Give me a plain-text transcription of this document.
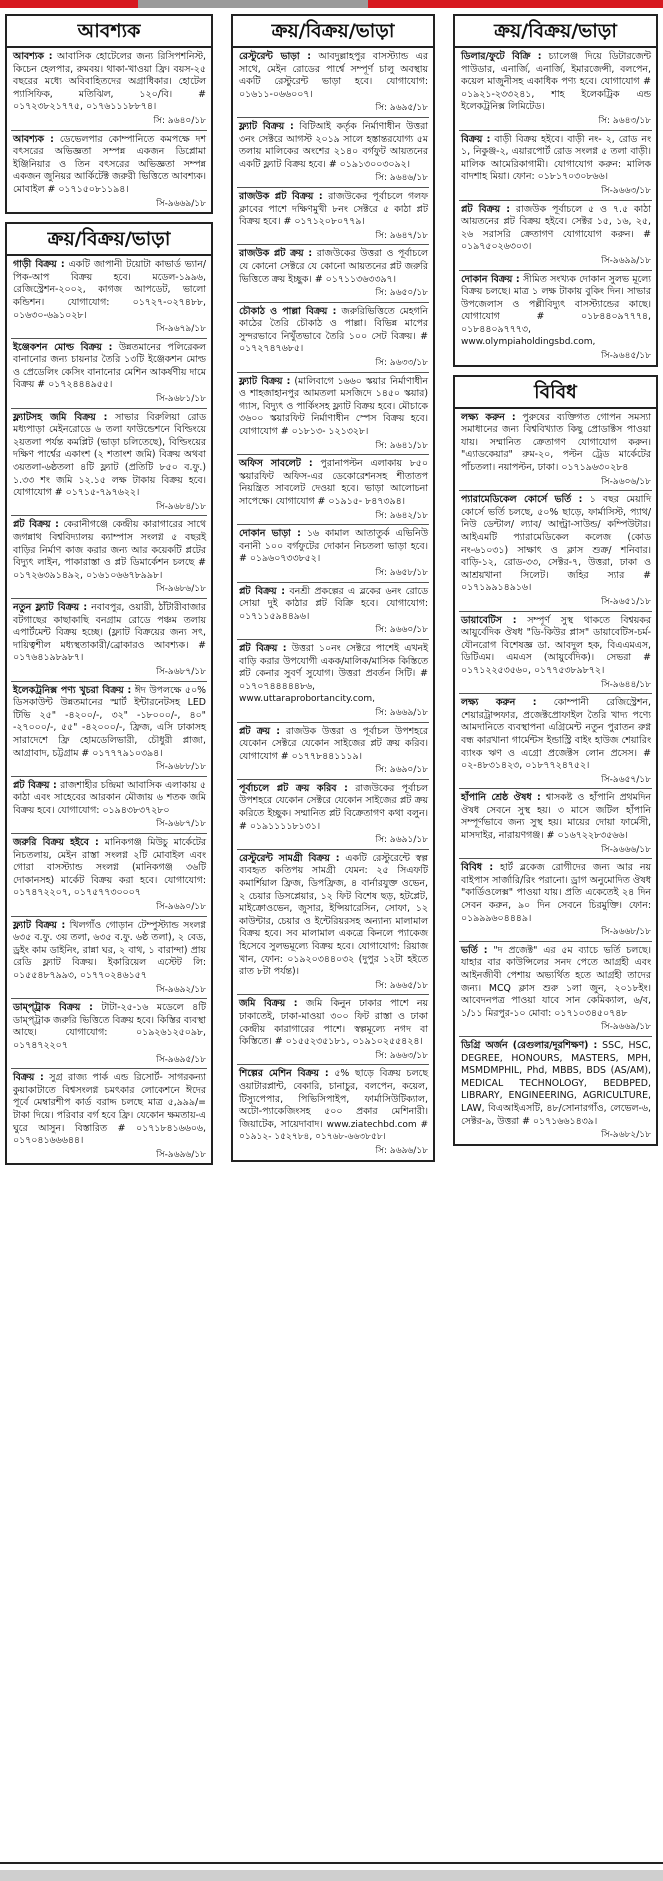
আবশ্যক
আবশ্যক : আবাসিক হোটেলের জন্য রিসিপশনিস্ট, কিচেন হেলপার, রুমবয়। থাকা-খাওয়া ফ্রি। বয়স-২৫ বছরের মধ্যে অবিবাহিতদের অগ্রাধিকার। হোটেল প্যাসিফিক, মতিঝিল, ১২০/বি। # ০১৭২৩৮২১৭৭৫, ০১৭৬১১১৮৮৭৪।
সি: ৯৬৪০/১৮
আবশ্যক : ডেভেলপার কোম্পানিতে কমপক্ষে দশ বৎসরের অভিজ্ঞতা সম্পন্ন একজন ডিপ্লোমা ইঞ্জিনিয়ার ও তিন বৎসরের অভিজ্ঞতা সম্পন্ন একজন জুনিয়র আর্কিটেক্ট জরুরী ভিত্তিতে আবশ্যক। মোবাইল # ০১৭১৫০৮১১৯৪।
সি-৯৬৬৯/১৮
ক্রয়/বিক্রয়/ভাড়া
গাড়ী বিক্রয় : একটি জাপানী টয়োটা কাভার্ড ভ্যান/পিক-আপ বিক্রয় হবে। মডেল-১৯৯৬, রেজিস্ট্রেশন-২০০২, কাগজ আপডেট, ভালো কন্ডিশন। যোগাযোগ: ০১৭২৭-০২৭৪৮৮, ০১৬৩০-৬৯১০২৮।
সি-৯৬৭৯/১৮
ইঞ্জেকশন মোল্ড বিক্রয় : উন্নতমানের পলিরেকল বানানোর জন্য চায়নার তৈরি ১৩টি ইঞ্জেকশন মোল্ড ও প্রেডেলিং কেসিং বানানোর মেশিন আকর্ষণীয় দামে বিক্রয় # ০১৭২৪৪৪৯৫৫।
সি-৯৬৮১/১৮
ফ্ল্যাটসহ জমি বিক্রয় : সাভার বিরুলিয়া রোড মধ্যপাড়া মেইনরোডে ৬ তলা ফাউন্ডেশনে বিল্ডিংয়ে ২য়তলা পর্যন্ত কমপ্লিট (ভাড়া চলিতেছে), বিল্ডিংয়ের দক্ষিণ পার্শ্বের একাংশ (২ শতাংশ জমি) বিক্রয় অথবা ৩য়তলা-৬ষ্ঠতলা ৪টি ফ্ল্যাট (প্রতিটি ৮৫০ ব.ফু.) ১.৩৩ শং জমি ১২.১৫ লক্ষ টাকায় বিক্রয় হবে। যোগাযোগ # ০১৭১৫-৭৯৭৬২২।
সি-৯৬৮৪/১৮
প্লট বিক্রয় : কেরানীগঞ্জে কেন্দ্রীয় কারাগারের সাথে জগন্নাথ বিশ্ববিদ্যালয় ক্যাম্পাস সংলগ্ন ৫ বছরই বাড়ির নির্মাণ কাজ করার জন্য আর কয়েকটি প্লটের বিদ্যুৎ লাইন, পাকারাস্তা ও প্লট ডিমার্কেশন চলছে # ০১৭২৬৩৯১৪৯২, ০১৬১০৬৬৭৮৯৯৮।
সি-৯৬৮৬/১৮
নতুন ফ্ল্যাট বিক্রয় : নবাবপুর, ওয়ারী, ঠাঁটারীবাজার বটগাছের কাছাকাছি বনগ্রাম রোডে পঞ্চম তলায় এপার্টমেন্ট বিক্রয় হচ্ছে। (ফ্ল্যাট বিক্রয়ের জন্য সৎ, দায়িত্বশীল মধ্যস্থতাকারী/ব্রোকারও আবশ্যক। # ০১৭৬৪১৯৮৯৮৭।
সি-৯৬৮৭/১৮
ইলেকট্রনিক্স পণ্য খুচরা বিক্রয় : ঈদ উপলক্ষে ৫০% ডিসকাউন্ট উন্নতমানের স্মার্ট ইন্টারনেটসহ LED টিভি ২৫" -৪২০০/-, ৩২" -১৮০০০/-, ৪০" -২৭০০০/-, ৫৫" -৪২০০০/-, ফ্রিজ, এসি ঢাকাসহ সারাদেশে ফ্রি হোমডেলিভারী, চৌধুরী প্লাজা, আগ্রাবাদ, চট্টগ্রাম # ০১৭৭৭৯১০৩৯৪।
সি-৯৬৮৮/১৮
প্লট বিক্রয় : রাজশাহীর চন্দ্রিমা আবাসিক এলাকায় ৫ কাঠা এবং সাহেবের আরকান মৌজায় ৬ শতক জমি বিক্রয় হবে। যোগাযোগ: ০১৯৪৩৮৩৭২৮০
সি-৯৬৮৭/১৮
জরুরি বিক্রয় হইবে : মানিকগঞ্জ মিউচু মার্কেটের নিচতলায়, মেইন রাস্তা সংলগ্ন ২টি মোবাইল এবং গোরা বাসস্ট্যান্ড সংলগ্ন (মানিকগঞ্জ ৩৬টি দোকানসহ) মার্কেট বিক্রয় করা হবে। যোগাযোগ: ০১৭৪৭২২০৭, ০১৭৫৭৭৩০০০৭
সি-৯৬৯০/১৮
ফ্ল্যাট বিক্রয় : খিলগাঁও গোড়ান টেম্পুস্ট্যান্ড সংলগ্ন ৬৩৫ ব.ফু. ৩য় তলা, ৬৩৫ ব.ফু. ৬ষ্ঠ তলা), ২ বেড, ড্রইং কাম ডাইনিং, রান্না ঘর, ২ বাথ, ১ বারান্দা) প্রায় রেডি ফ্ল্যাট বিক্রয়। ইকারিয়েল এস্টেট লি: ০১৫৫৪৮৭৯৯৩, ০১৭৭০২৪৬১৫৭
সি-৯৬৯২/১৮
ডাম্প্ট্রাক বিক্রয় : টাটা-২৫-১৬ মডেলে ৪টি ডাম্প্ট্রাক জরুরি ভিত্তিতে বিক্রয় হবে। কিস্তির ব্যবস্থা আছে। যোগাযোগ: ০১৯২৬১২৫০৯৮, ০১৭৪৭২২০৭
সি-৯৬৯৫/১৮
বিক্রয় : সুগ্র রাজ্য পার্ক এন্ড রিসোর্ট- সাগরকন্যা কুয়াকাটাতে বিশ্বসংলগ্ন চমৎকার লোকেশনে ঈদের পূর্বে মেম্বারশীপ কার্ড বরাদ্দ চলছে মাত্র ৫,৯৯৯/= টাকা দিয়ে। পরিবার বর্গ হবে ফ্রি। যেকোন ক্ষমতায়-এ ঘুরে আসুন। বিস্তারিত # ০১৭১৮৪১৬৬০৬, ০১৭০৪১৬৬৬৪৪।
সি-৯৬৯৬/১৮
ক্রয়/বিক্রয়/ভাড়া
রেস্টুরেন্ট ভাড়া : আবদুল্লাহপুর বাসস্ট্যান্ড এর সাথে, মেইন রোডের পার্শ্বে সম্পূর্ণ চালু অবস্থায় একটি রেস্টুরেন্ট ভাড়া হবে। যোগাযোগ: ০১৬১১-০৬৬০০৭।
সি: ৯৬৯৫/১৮
ফ্ল্যাট বিক্রয় : বিটিআই কর্তৃক নির্মাণাধীন উত্তরা ৩নং সেক্টরে আগস্ট ২০১৯ সালে হস্তান্তরযোগ্য ৫ম তলায় মালিকের অংশের ২১৪০ বর্গফুট আয়তনের একটি ফ্ল্যাট বিক্রয় হবে। # ০১৯১৩০০৩০৯২।
সি: ৯৬৪৬/১৮
রাজউক প্লট বিক্রয় : রাজউকের পূর্বাচলে গলফ ক্লাবের পাশে দক্ষিণমুখী ৮নং সেক্টরে ৫ কাঠা প্লট বিক্রয় হবে। # ০১৭১২০৮০৭৭৯।
সি: ৯৬৪৭/১৮
রাজউক প্লট ক্রয় : রাজউকের উত্তরা ও পূর্বাচলে যে কোনো সেক্টরে যে কোনো আয়তনের প্লট জরুরি ভিত্তিতে ক্রয় ইচ্ছুক। # ০১৭১১৩৬৩৩৯৭।
সি: ৯৬৫০/১৮
চৌকাঠ ও পাল্লা বিক্রয় : জরুরিভিত্তিতে মেহগনি কাঠের তৈরি চৌকাঠ ও পাল্লা। বিভিন্ন মাপের সুন্দরভাবে নিখুঁতভাবে তৈরি ১০০ সেট বিক্রয়। # ০১৭২৭৪৭৬৮৫।
সি: ৯৬৩৩/১৮
ফ্ল্যাট বিক্রয় : (মালিবাগে ১৬৬০ স্কয়ার নির্মাণাধীন ও শাহজাহানপুর আমতলা মসজিদে ১৪৫০ স্কয়ার) গ্যাস, বিদ্যুৎ ও পার্কিংসহ ফ্ল্যাট বিক্রয় হবে। মৌচাকে ৩৬০০ স্কয়ারফিট নির্মাণাধীন স্পেস বিক্রয় হবে। যোগাযোগ # ০১৮১৩- ১২১৩২৮।
সি: ৯৬৪১/১৮
অফিস সাবলেট : পুরানাপল্টন এলাকায় ৮৫০ স্কয়ারফিট অফিস-এর ডেকোরেশনসহ শীতাতপ নিয়ন্ত্রিত সাবলেট দেওয়া হবে। ভাড়া আলোচনা সাপেক্ষে। যোগাযোগ # ০১৯১৫- ৮৪৭৩৯৪।
সি: ৯৬৪২/১৮
দোকান ভাড়া : ১৬ কামাল আতাতুর্ক এভিনিউ বনানী ১০০ বর্গফুটের দোকান নিচতলা ভাড়া হবে। # ০১৯৬০৭৩৩৮৫২।
সি: ৯৬৫৮/১৮
প্লট বিক্রয় : বনশ্রী প্রকল্পের এ ব্লকের ৬নং রোডে সোয়া দুই কাঠার প্লট বিক্রি হবে। যোগাযোগ: ০১৭১১৫৯৪৪৯৬।
সি: ৯৬৬০/১৮
প্লট বিক্রয় : উত্তরা ১০নং সেক্টরে পাশেই এখনই বাড়ি করার উপযোগী একক/মালিক/মাসিক কিস্তিতে প্লট কেনার সুবর্ণ সুযোগ। উত্তরা প্রবর্তন সিটি। # ০১৭০৭৪৪৪৪৪৮৬, www.uttaraprobortancity.com,
সি: ৯৬৬৯/১৮
প্লট ক্রয় : রাজউক উত্তরা ও পূর্বাচল উপশহরে যেকোন সেক্টরে যেকোন সাইজের প্লট ক্রয় করিব। যোগাযোগ # ০১৭৭৮৪৪১১১৯।
সি: ৯৬৯০/১৮
পূর্বাচলে প্লট ক্রয় করিব : রাজউকের পূর্বাচল উপশহরে যেকোন সেক্টরে যেকোন সাইজের প্লট ক্রয় করিতে ইচ্ছুক। সম্মানিত প্লট বিক্রেতাগণ কথা বলুন। # ০১৯১১১১৮১৩১।
সি: ৯৬৯১/১৮
রেস্টুরেন্ট সামগ্রী বিক্রয় : একটি রেস্টুরেন্টে স্বল্প ব্যবহৃত কতিপয় সামগ্রী যেমন: ২৫ সিএফটি কমার্শিয়াল ফ্রিজ, ডিপফ্রিজ, ৪ বার্নারযুক্ত ওভেন, ২ চেয়ার ডিসপ্লেয়ার, ১২ ফিট বিশেষ ছড়, হটপ্লেট, মাইক্রোওভেন, জুসার, ইন্সিয়ারেসিন, সোফা, ১২ কাউন্টার, চেয়ার ও ইন্টেরিয়রসহ অন্যান্য মালামাল বিক্রয় হবে। সব মালামাল একত্রে কিনলে প্যাকেজ হিসেবে সুলভমূল্যে বিক্রয় হবে। যোগাযোগ: রিয়াজ খান, ফোন: ০১৯২০৩৪৪০৩২ (দুপুর ১২টা হইতে রাত ৮টা পর্যন্ত)।
সি: ৯৬৬৫/১৮
জমি বিক্রয় : জমি কিনুন ঢাকার পাশে নয় ঢাকাতেই, ঢাকা-মাওয়া ৩০০ ফিট রাস্তা ও ঢাকা কেন্দ্রীয় কারাগারের পাশে। স্বল্পমূল্যে নগদ বা কিস্তিতে। # ০১৫৫২৩৫১৮১, ০১৯১০২৫৫৪২৪।
সি: ৯৬৬৩/১৮
শিল্পের মেশিন বিক্রয় : ৫% ছাড়ে বিক্রয় চলছে ওয়াটারপ্লান্ট, বেকারি, চানাচুর, বলপেন, কয়েল, টিস্যুপেপার, পিভিসিপাইপ, ফার্মাসিউটিক্যাল, অটো-প্যাকেজিংসহ ৫০০ প্রকার মেশিনারী। জিয়াটেক, সায়েদাবাদ। www.ziatechbd.com # ০১৯১২- ১৫২৭৮৪, ০১৭৬৮-৬৬৩৮৫৮।
সি: ৯৬৯৬/১৮
ক্রয়/বিক্রয়/ভাড়া
ডিলার/ফুটে বিক্রি : চ্যালেঞ্জ দিয়ে ডিটারজেন্ট পাউডার, এনার্জি, এনার্জি, ইমারজেন্সী, বলপেন, কয়েল মাজুনীসহ একাধিক পণ্য হবে। যোগাযোগ # ০১৯২১-২৩৩২৪১, শাহ ইলেকট্রিক এন্ড ইলেকট্রনিক্স লিমিটেড।
সি: ৯৬৪৩/১৮
বিক্রয় : বাড়ী বিক্রয় হইবে। বাড়ী নং- ২, রোড নং ১, নিকুঞ্জ-২, এয়ারপোর্ট রোড সংলগ্ন ৫ তলা বাড়ী। মালিক আমেরিকাগামী। যোগাযোগ করুন: মালিক বাদশাহ মিয়া। ফোন: ০১৮১৭০৩০৮৬৬।
সি-৯৬৬৩/১৮
প্লট বিক্রয় : রাজউক পূর্বাচলে ৫ ও ৭.৫ কাঠা আয়তনের প্লট বিক্রয় হইবে। সেক্টর ১৫, ১৬, ২৫, ২৬ সরাসরি ক্রেতাগণ যোগাযোগ করুন। # ০১৯৭৫০২৬৩০৩।
সি-৯৬৯৯/১৮
দোকান বিক্রয় : সীমিত সংখ্যক দোকান সুলভ মূল্যে বিক্রয় চলছে। মাত্র ১ লক্ষ টাকায় বুকিং দিন। সাভার উপজেলাস ও পল্লীবিদ্যুৎ বাসস্ট্যান্ডের কাছে। যোগাযোগ # ০১৮৪৪০৯৭৭৭৪, ০১৮৪৪০৯৭৭৭৩, www.olympiaholdingsbd.com,
সি-৯৬৪৫/১৮
বিবিধ
লক্ষ্য করুন : পুরুষের ব্যক্তিগত গোপন সমস্যা সমাধানের জন্য বিশ্ববিখ্যাত কিছু প্রোডাক্টস পাওয়া যায়। সম্মানিত ক্রেতাগণ যোগাযোগ করুন। "এ্যাডকেয়ার" রুম-২০, পল্টন ট্রেড মার্কেটের পাঁচতলা। নয়াপল্টন, ঢাকা। ০১৭১৯৬৩০২৮৪
সি-৯৬০৬/১৮
প্যারামেডিকেল কোর্সে ভর্তি : ১ বছর মেয়াদি কোর্সে ভর্তি চলছে, ৫০% ছাড়ে, ফার্মাসিস্ট, প্যাথ/ নিউ ডেন্টাল/ ল্যাব/ আল্ট্রা-সাউন্ড/ কম্পিউটার। আইএমটি প্যারামেডিকেল কলেজ (কোড নং-৬১০৩১) সাক্ষাৎ ও ক্লাস শুক্র/ শনিবার। বাড়ি-১২, রোড-৩৩, সেক্টর-৭, উত্তরা, ঢাকা ও আশ্রয়খানা সিলেট। জহির স্যার # ০১৭১৯৯১৪৯১৬।
সি-৯৬৫১/১৮
ডায়াবেটিস : সম্পূর্ণ সুস্থ থাকতে বিশ্বয়কর আয়ুর্বেদিক ঔষধ "ডি-কিউর প্লাস" ডায়াবেটিস-চর্ম-যৌনরোগ বিশেষজ্ঞ ডা. আবদুল হক, বিএএমএস, ডিটিএম। এমএস (আয়ুর্বেদিক)। সেভরা # ০১৭১২২৫৩৫৬০, ০১৭৭৫৩৮৯৮৭২।
সি-৯৬৪৪/১৮
লক্ষ্য করুন : কোম্পানী রেজিস্ট্রেশন, শেয়ারট্রান্সফার, প্রজেক্টপ্রোফাইল তৈরি খাদ্য পণ্যে আমদানিতে ব্যবস্থাপনা এগ্রিমেন্ট নতুন পুরাতন রুগ্ন বন্ধ কারখানা গার্মেন্টস ইন্ডাস্ট্রি বাইং হাউজ শেয়ারিং ব্যাংক ঋণ ও এগ্রো প্রজেক্টস লোন প্রসেস। # ০২-৪৮৩১৪২৩, ০১৮৭৭২৪৭৫২।
সি-৯৬৫৭/১৮
হাঁপানি শ্রেষ্ঠ ঔষধ : শ্বাসকষ্ট ও হাঁপানি প্রথমদিন ঔষধ সেবনে সুস্থ হয়। ৩ মাসে জটিল হাঁপানি সম্পূর্ণভাবে জন্য সুস্থ হয়। মায়ের দোয়া ফার্মেসী, মাসদাইর, নারায়ণগঞ্জ। # ০১৬৭২২৮৩৫৬৬।
সি-৯৬৬৬/১৮
বিবিধ : হার্ট ব্লকেজ রোগীদের জন্য আর নয় বাইপাস সার্জারি/রিং পরানো। ড্রাগ অনুমোদিত ঔষধ "কার্ডিওলেক্স" পাওয়া যায়। প্রতি একেতেই ২৪ দিন সেবন করুন, ৯০ দিন সেবনে চিরমুক্তি। ফোন: ০১৯৯৯৬০৪৪৪৯।
সি-৯৬৬৮/১৮
ভর্তি : "দ প্রজেক্ট" এর ৫ম ব্যাচে ভর্তি চলছে। যাহার বার কাউন্সিলের সনদ পেতে আগ্রহী এবং আইনজীবী পেশায় অভ্যর্থিত হতে আগ্রহী তাদের জন্য। MCQ ক্লাস শুরু ১লা জুন, ২০১৮ইং। আবেদনপত্র পাওয়া যাবে সান কেমিক্যাল, ৬/ব, ১/১১ মিরপুর-১০ মোবা: ০১৭১০৩৪৫০৭৪৮
সি-৯৬৬৯/১৮
ডিগ্রি অর্জন (রেগুলার/দূরশিক্ষণ) : SSC, HSC, DEGREE, HONOURS, MASTERS, MPH, MSMDMPHIL, Phd, MBBS, BDS (AS/AM), MEDICAL TECHNOLOGY, BEDBPED, LIBRARY, ENGINEERING, AGRICULTURE, LAW, বিএআইএসটি, ৪৮/সোনারগাঁও, লেভেল-৬, সেক্টর-৯, উত্তরা # ০১৭১৬৬১৪৩৯।
সি-৯৬৮২/১৮
